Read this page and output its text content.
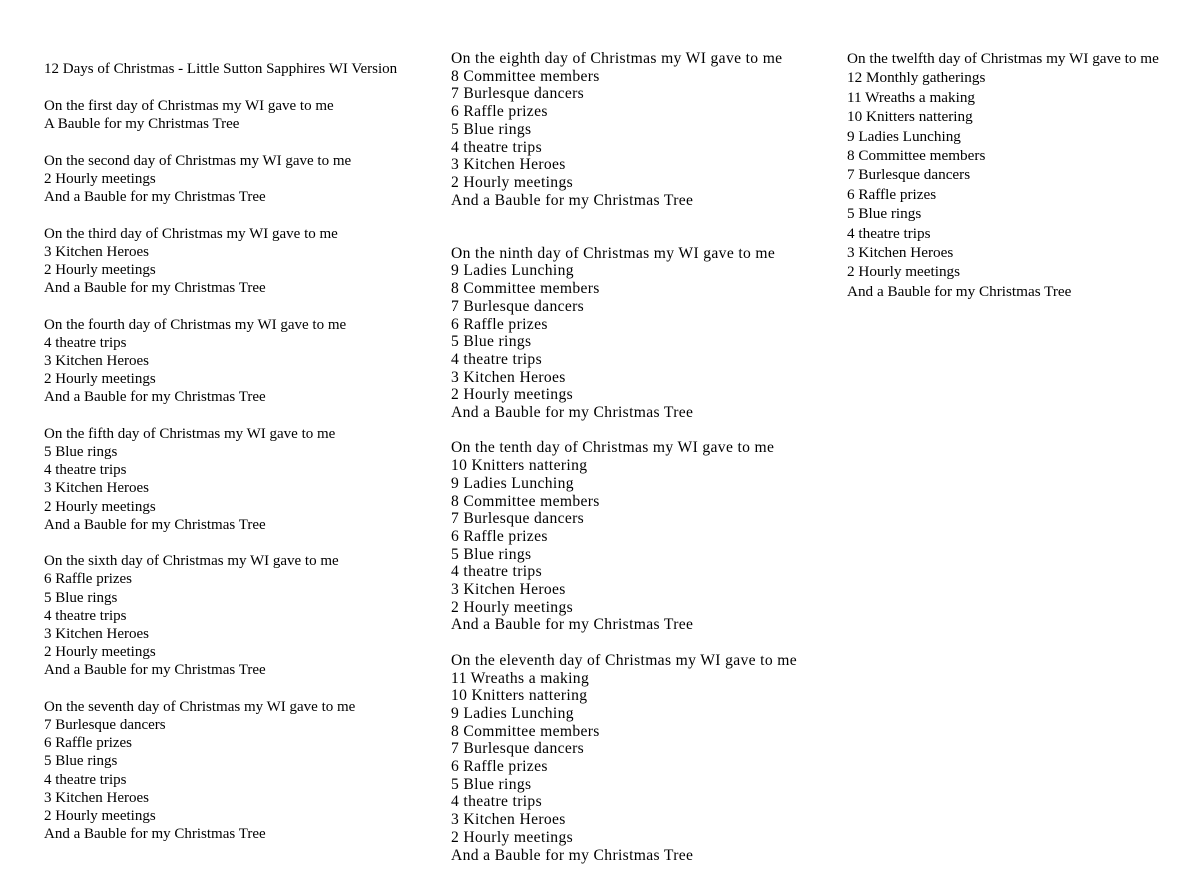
12 Days of Christmas - Little Sutton Sapphires WI Version
On the first day of Christmas my WI gave to me
A Bauble for my Christmas Tree
On the second day of Christmas my WI gave to me
2 Hourly meetings
And a Bauble for my Christmas Tree
On the third day of Christmas my WI gave to me
3 Kitchen Heroes
2 Hourly meetings
And a Bauble for my Christmas Tree
On the fourth day of Christmas my WI gave to me
4 theatre trips
3 Kitchen Heroes
2 Hourly meetings
And a Bauble for my Christmas Tree
On the fifth day of Christmas my WI gave to me
5 Blue rings
4 theatre trips
3 Kitchen Heroes
2 Hourly meetings
And a Bauble for my Christmas Tree
On the sixth day of Christmas my WI gave to me
6 Raffle prizes
5 Blue rings
4 theatre trips
3 Kitchen Heroes
2 Hourly meetings
And a Bauble for my Christmas Tree
On the seventh day of Christmas my WI gave to me
7 Burlesque dancers
6 Raffle prizes
5 Blue rings
4 theatre trips
3 Kitchen Heroes
2 Hourly meetings
And a Bauble for my Christmas Tree
On the eighth day of Christmas my WI gave to me
8 Committee members
7 Burlesque dancers
6 Raffle prizes
5 Blue rings
4 theatre trips
3 Kitchen Heroes
2 Hourly meetings
And a Bauble for my Christmas Tree
On the ninth day of Christmas my WI gave to me
9 Ladies Lunching
8 Committee members
7 Burlesque dancers
6 Raffle prizes
5 Blue rings
4 theatre trips
3 Kitchen Heroes
2 Hourly meetings
And a Bauble for my Christmas Tree
On the tenth day of Christmas my WI gave to me
10 Knitters nattering
9 Ladies Lunching
8 Committee members
7 Burlesque dancers
6 Raffle prizes
5 Blue rings
4 theatre trips
3 Kitchen Heroes
2 Hourly meetings
And a Bauble for my Christmas Tree
On the eleventh day of Christmas my WI gave to me
11 Wreaths a making
10 Knitters nattering
9 Ladies Lunching
8 Committee members
7 Burlesque dancers
6 Raffle prizes
5 Blue rings
4 theatre trips
3 Kitchen Heroes
2 Hourly meetings
And a Bauble for my Christmas Tree
On the twelfth day of Christmas my WI gave to me
12 Monthly gatherings
11 Wreaths a making
10 Knitters nattering
9 Ladies Lunching
8 Committee members
7 Burlesque dancers
6 Raffle prizes
5 Blue rings
4 theatre trips
3 Kitchen Heroes
2 Hourly meetings
And a Bauble for my Christmas Tree
